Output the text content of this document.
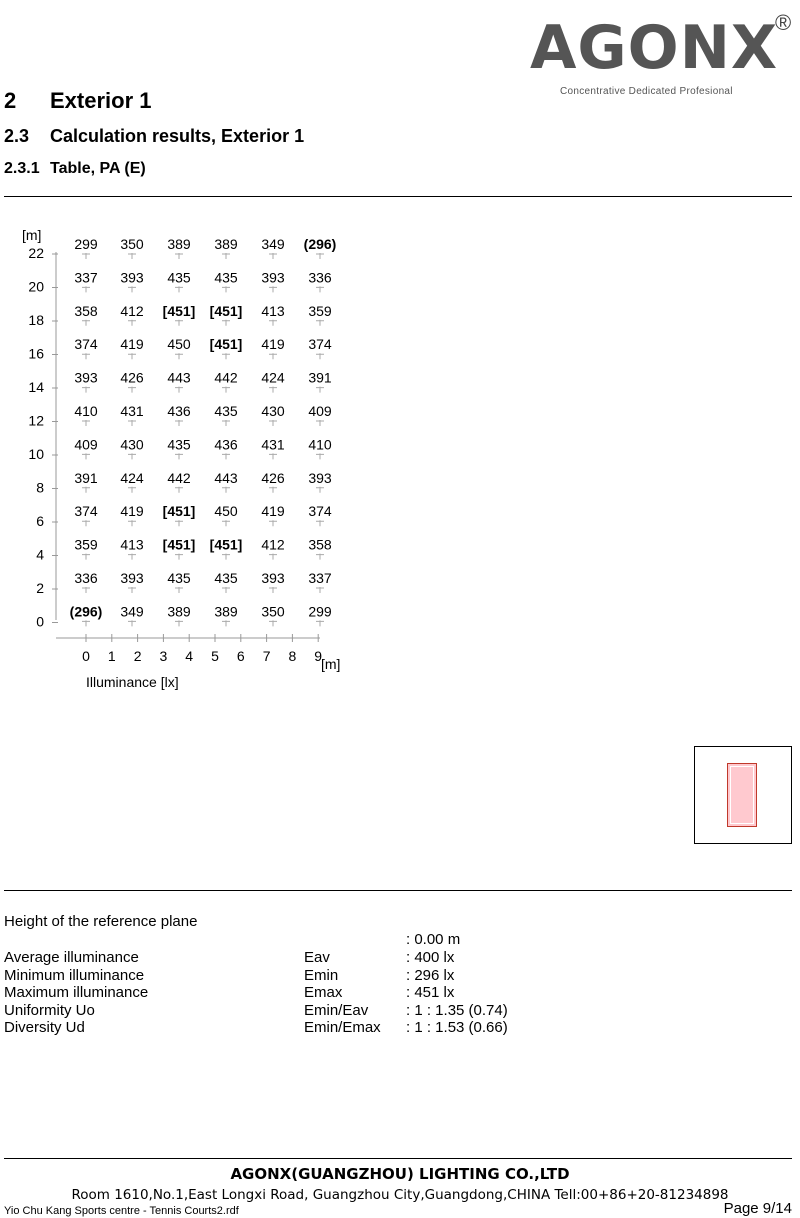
AGONX
®
Concentrative Dedicated Profesional
2 Exterior 1
2.3 Calculation results, Exterior 1
2.3.1 Table, PA (E)
[m]
[m]
Illuminance [lx]
22
20
18
16
14
12
10
8
6
4
2
0
0 1 2 3 4 5 6 7 8 9
299 350 389 389 349 (296)
337 393 435 435 393 336
358 412 [451] [451] 413 359
374 419 450 [451] 419 374
393 426 443 442 424 391
410 431 436 435 430 409
409 430 435 436 431 410
391 424 442 443 426 393
374 419 [451] 450 419 374
359 413 [451] [451] 412 358
336 393 435 435 393 337
(296) 349 389 389 350 299
Height of the reference plane
: 0.00 m
Average illuminance	Eav	: 400 lx
Minimum illuminance	Emin	: 296 lx
Maximum illuminance	Emax	: 451 lx
Uniformity Uo	Emin/Eav	: 1 : 1.35 (0.74)
Diversity Ud	Emin/Emax : 1 : 1.53 (0.66)
AGONX(GUANGZHOU) LIGHTING CO.,LTD
Room 1610,No.1,East Longxi Road, Guangzhou City,Guangdong,CHINA Tell:00+86+20-81234898
Yio Chu Kang Sports centre - Tennis Courts2.rdf	Page 9/14
